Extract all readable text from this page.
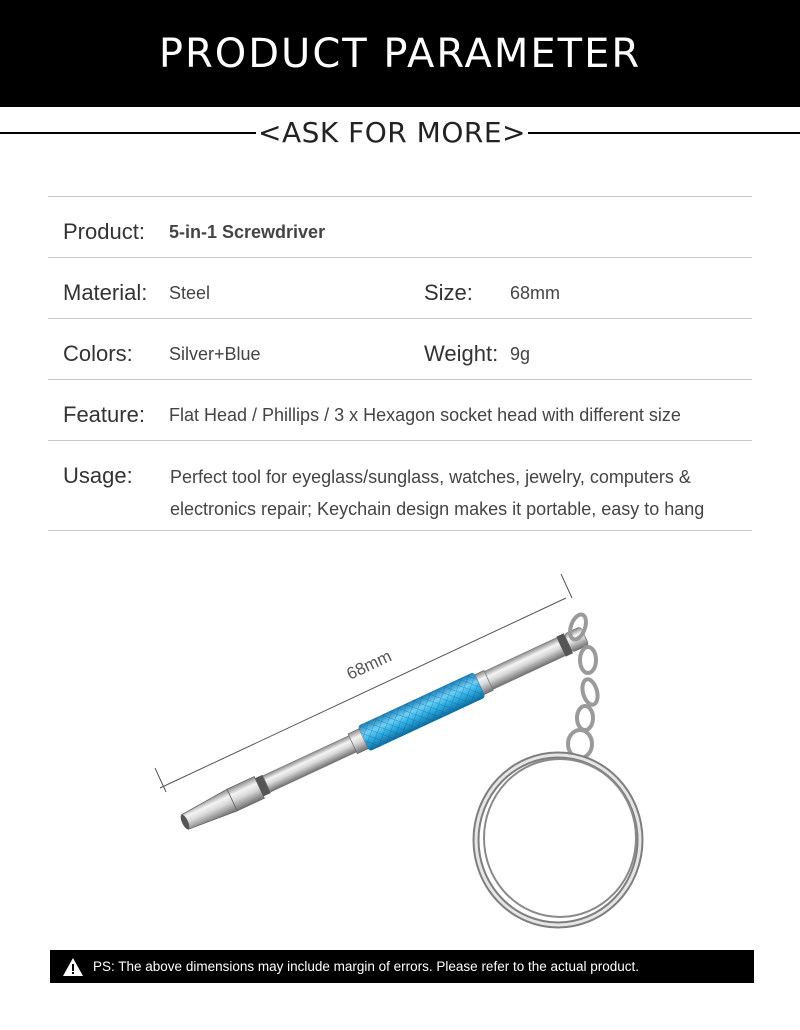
PRODUCT PARAMETER
<ASK FOR MORE>
Product: 5-in-1 Screwdriver
Material: Steel	Size: 68mm
Colors: Silver+Blue	Weight: 9g
Feature: Flat Head / Phillips / 3 x Hexagon socket head with different size
Usage: Perfect tool for eyeglass/sunglass, watches, jewelry, computers &
electronics repair; Keychain design makes it portable, easy to hang
68mm
PS: The above dimensions may include margin of errors. Please refer to the actual product.
